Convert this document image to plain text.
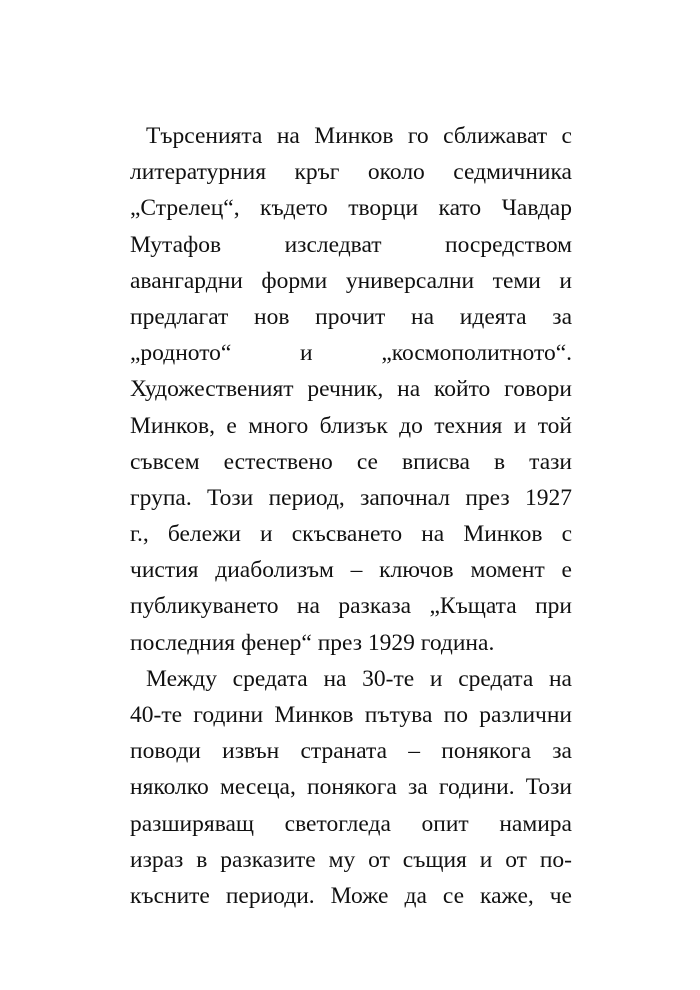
Търсенията на Минков го сближават с
литературния кръг около седмичника
„Стрелец“, където творци като Чавдар
Мутафов изследват посредством
авангардни форми универсални теми и
предлагат нов прочит на идеята за
„родното“ и „космополитното“.
Художественият речник, на който говори
Минков, е много близък до техния и той
съвсем естествено се вписва в тази
група. Този период, започнал през 1927
г., бележи и скъсването на Минков с
чистия диаболизъм – ключов момент е
публикуването на разказа „Къщата при
последния фенер“ през 1929 година.
Между средата на 30-те и средата на
40-те години Минков пътува по различни
поводи извън страната – понякога за
няколко месеца, понякога за години. Този
разширяващ светогледа опит намира
израз в разказите му от същия и от по-
късните периоди. Може да се каже, че
